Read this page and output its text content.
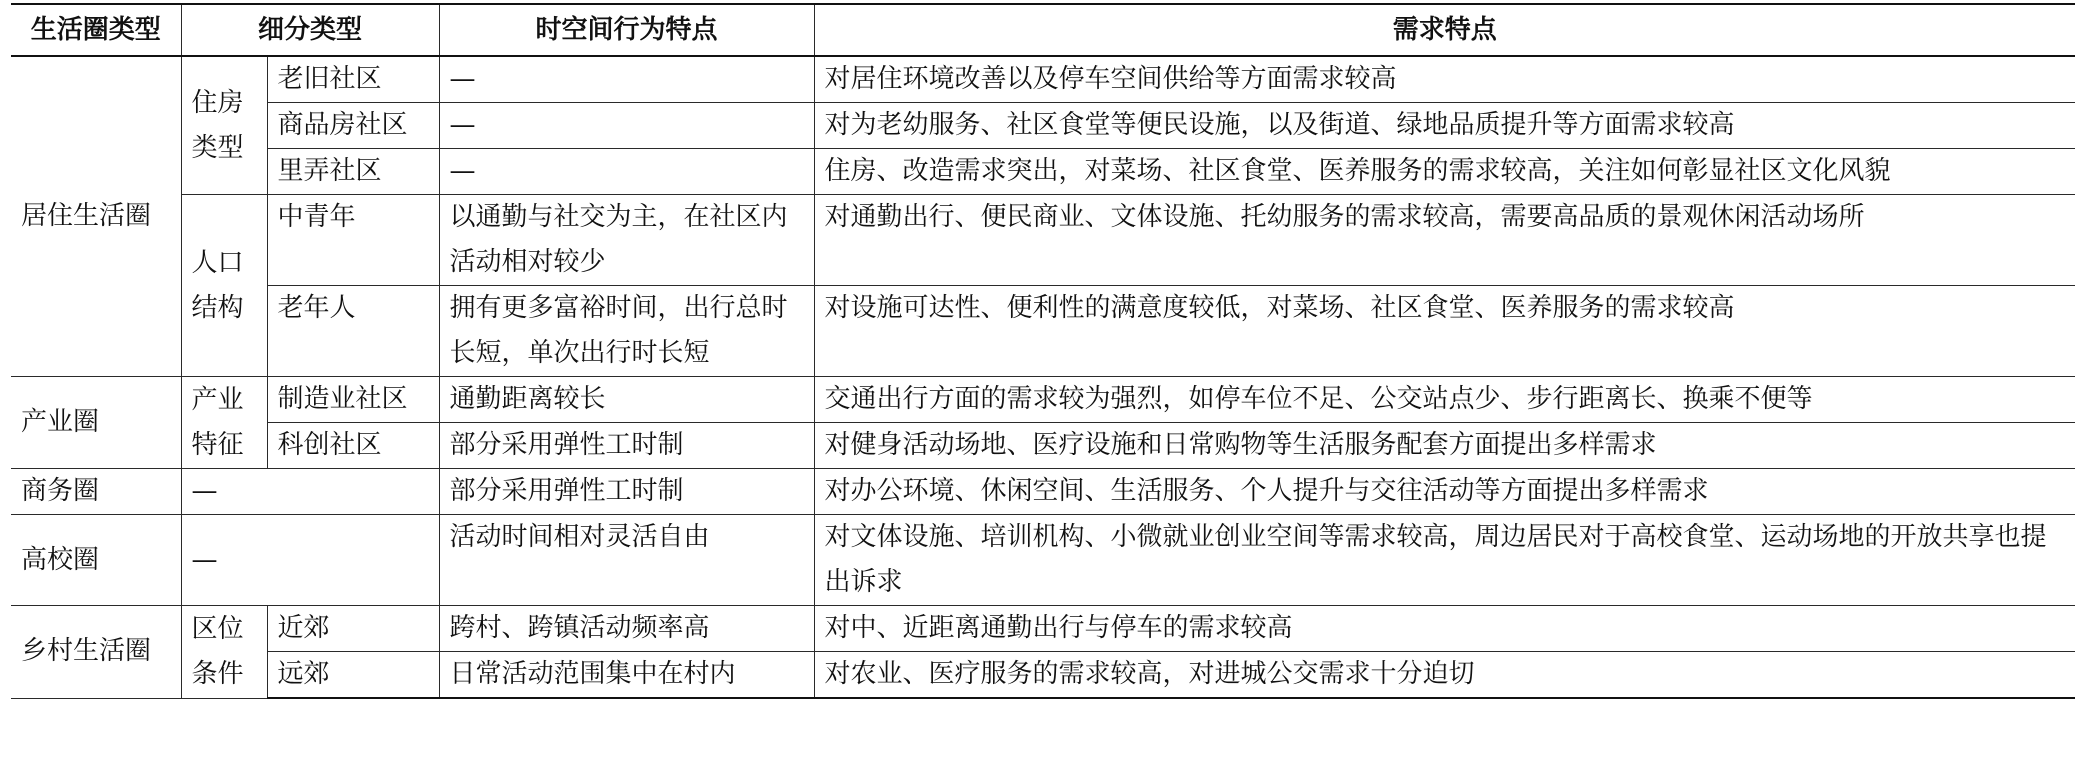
生活圈类型	细分类型		时空间行为特点	需求特点
居住生活圈	住房类型	老旧社区	—	对居住环境改善以及停车空间供给等方面需求较高
		商品房社区	—	对为老幼服务、社区食堂等便民设施，以及街道、绿地品质提升等方面需求较高
		里弄社区	—	住房、改造需求突出，对菜场、社区食堂、医养服务的需求较高，关注如何彰显社区文化风貌
	人口结构	中青年	以通勤与社交为主，在社区内活动相对较少	对通勤出行、便民商业、文体设施、托幼服务的需求较高，需要高品质的景观休闲活动场所
		老年人	拥有更多富裕时间，出行总时长短，单次出行时长短	对设施可达性、便利性的满意度较低，对菜场、社区食堂、医养服务的需求较高
产业圈	产业特征	制造业社区	通勤距离较长	交通出行方面的需求较为强烈，如停车位不足、公交站点少、步行距离长、换乘不便等
		科创社区	部分采用弹性工时制	对健身活动场地、医疗设施和日常购物等生活服务配套方面提出多样需求
商务圈	—		部分采用弹性工时制	对办公环境、休闲空间、生活服务、个人提升与交往活动等方面提出多样需求
高校圈	—		活动时间相对灵活自由	对文体设施、培训机构、小微就业创业空间等需求较高，周边居民对于高校食堂、运动场地的开放共享也提出诉求
乡村生活圈	区位条件	近郊	跨村、跨镇活动频率高	对中、近距离通勤出行与停车的需求较高
		远郊	日常活动范围集中在村内	对农业、医疗服务的需求较高，对进城公交需求十分迫切
